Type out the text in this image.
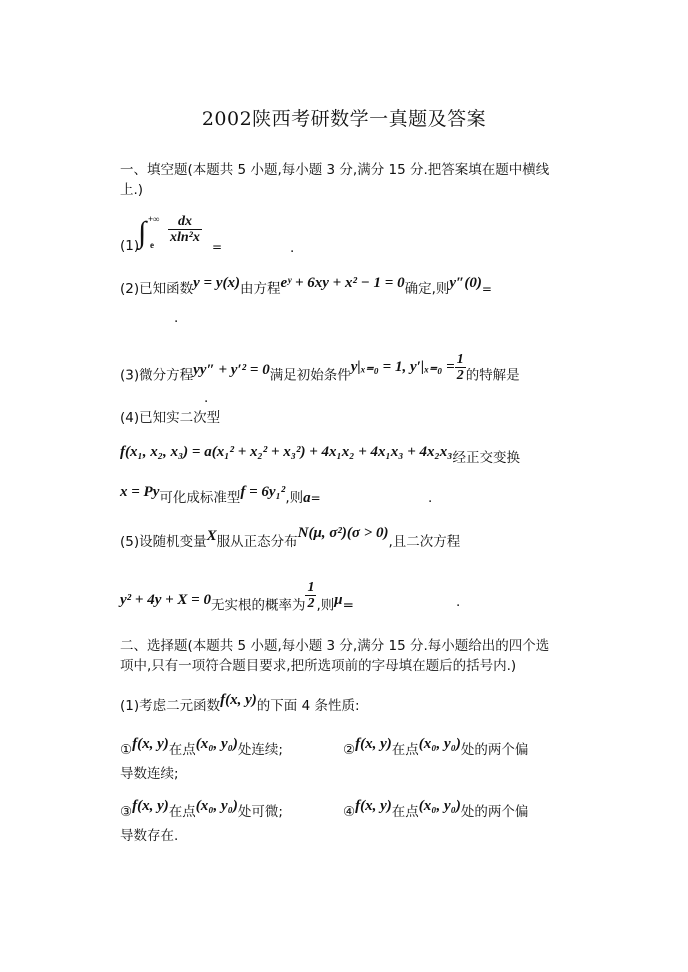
2002陕西考研数学一真题及答案
一、填空题(本题共 5 小题,每小题 3 分,满分 15 分.把答案填在题中横线
上.)
(1)
∫ +∞
e
dx
xln²x
=	.
(2)已知函数y = y(x)由方程eʸ + 6xy + x² − 1 = 0确定,则y″(0)=
.
(3)微分方程yy″ + y′² = 0满足初始条件y|ₓ₌₀ = 1, $y'|_{x=0} = \frac{1}{2}$ 的特解是
.
(4)已知实二次型
f(x₁, x₂, x₃) = a(x₁² + x₂² + x₃²) + 4x₁x₂ + 4x₁x₃ + 4x₂x₃经正交变换
x = Py可化成标准型f = 6y₁²,则a=	.
(5)设随机变量X服从正态分布N(μ, σ²)(σ > 0),且二次方程
y² + 4y + X = 0无实根的概率为 $\frac{1}{2}$ ,则μ=	.
二、选择题(本题共 5 小题,每小题 3 分,满分 15 分.每小题给出的四个选
项中,只有一项符合题目要求,把所选项前的字母填在题后的括号内.)
(1)考虑二元函数f(x, y)的下面 4 条性质:
①f(x, y)在点(x₀, y₀)处连续;	②f(x, y)在点(x₀, y₀)处的两个偏
导数连续;
③f(x, y)在点(x₀, y₀)处可微;	④f(x, y)在点(x₀, y₀)处的两个偏
导数存在.
